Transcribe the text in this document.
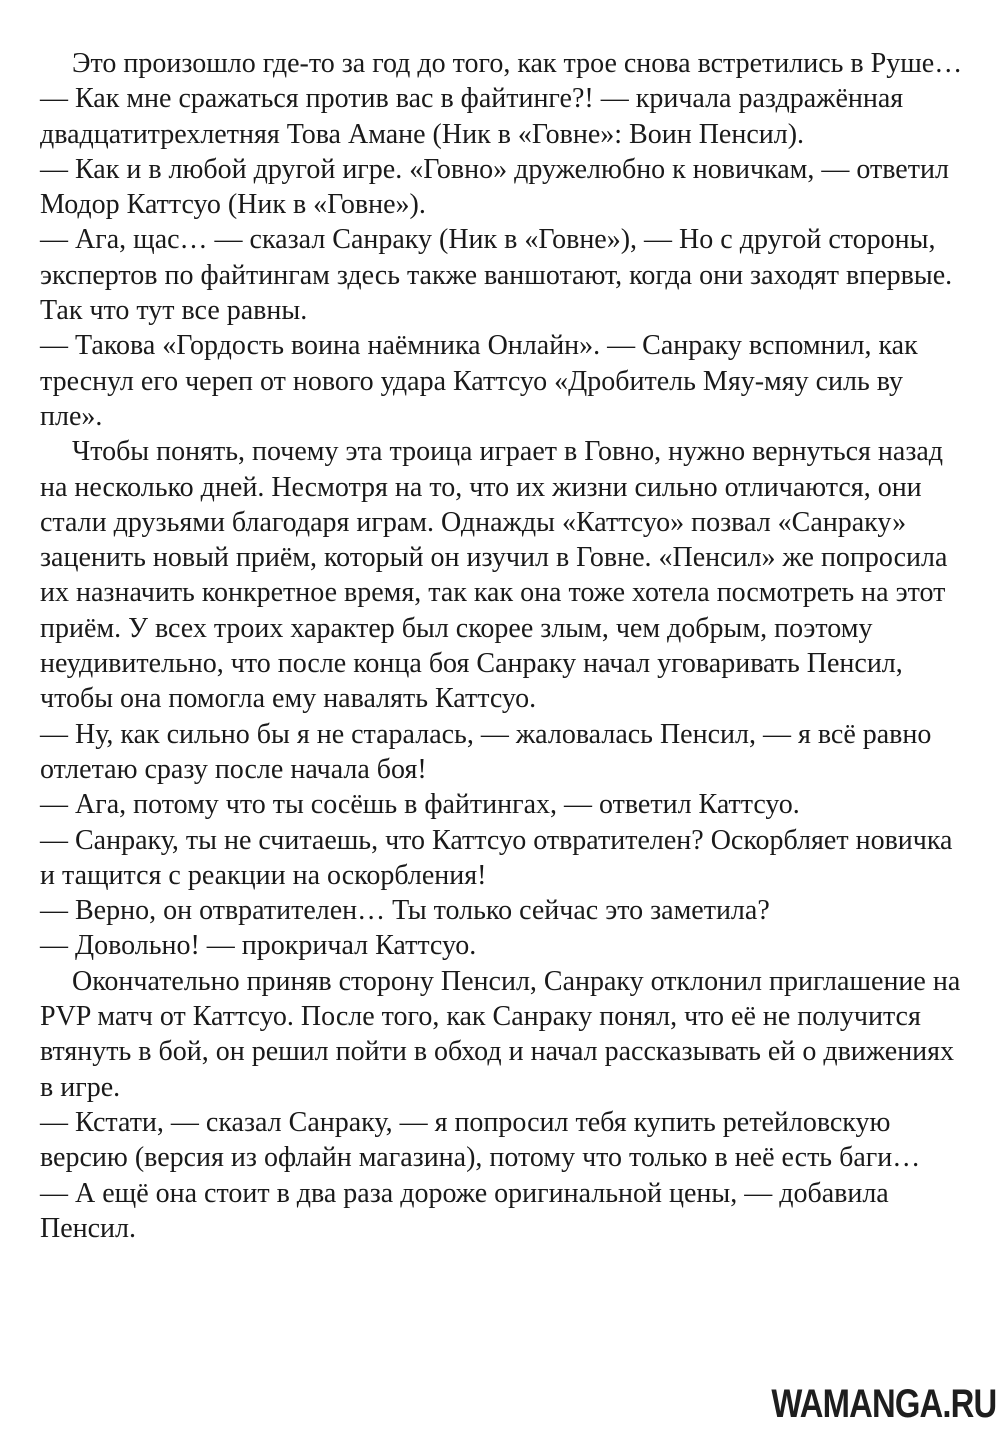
Это произошло где-то за год до того, как трое снова встретились в Руше…

— Как мне сражаться против вас в файтинге?! — кричала раздражённая двадцатитрехлетняя Това Амане (Ник в «Говне»: Воин Пенсил).

— Как и в любой другой игре. «Говно» дружелюбно к новичкам, — ответил Модор Каттсуо (Ник в «Говне»).

— Ага, щас… — сказал Санраку (Ник в «Говне»), — Но с другой стороны, экспертов по файтингам здесь также ваншотают, когда они заходят впервые. Так что тут все равны.

— Такова «Гордость воина наёмника Онлайн». — Санраку вспомнил, как треснул его череп от нового удара Каттсуо «Дробитель Мяу-мяу силь ву пле».

Чтобы понять, почему эта троица играет в Говно, нужно вернуться назад на несколько дней. Несмотря на то, что их жизни сильно отличаются, они стали друзьями благодаря играм. Однажды «Каттсуо» позвал «Санраку» заценить новый приём, который он изучил в Говне. «Пенсил» же попросила их назначить конкретное время, так как она тоже хотела посмотреть на этот приём. У всех троих характер был скорее злым, чем добрым, поэтому неудивительно, что после конца боя Санраку начал уговаривать Пенсил, чтобы она помогла ему навалять Каттсуо.

— Ну, как сильно бы я не старалась, — жаловалась Пенсил, — я всё равно отлетаю сразу после начала боя!

— Ага, потому что ты сосёшь в файтингах, — ответил Каттсуо.

— Санраку, ты не считаешь, что Каттсуо отвратителен? Оскорбляет новичка и тащится с реакции на оскорбления!

— Верно, он отвратителен… Ты только сейчас это заметила?

— Довольно! — прокричал Каттсуо.

Окончательно приняв сторону Пенсил, Санраку отклонил приглашение на PVP матч от Каттсуо. После того, как Санраку понял, что её не получится втянуть в бой, он решил пойти в обход и начал рассказывать ей о движениях в игре.

— Кстати, — сказал Санраку, — я попросил тебя купить ретейловскую версию (версия из офлайн магазина), потому что только в неё есть баги…

— А ещё она стоит в два раза дороже оригинальной цены, — добавила Пенсил.

WAMANGA.RU
